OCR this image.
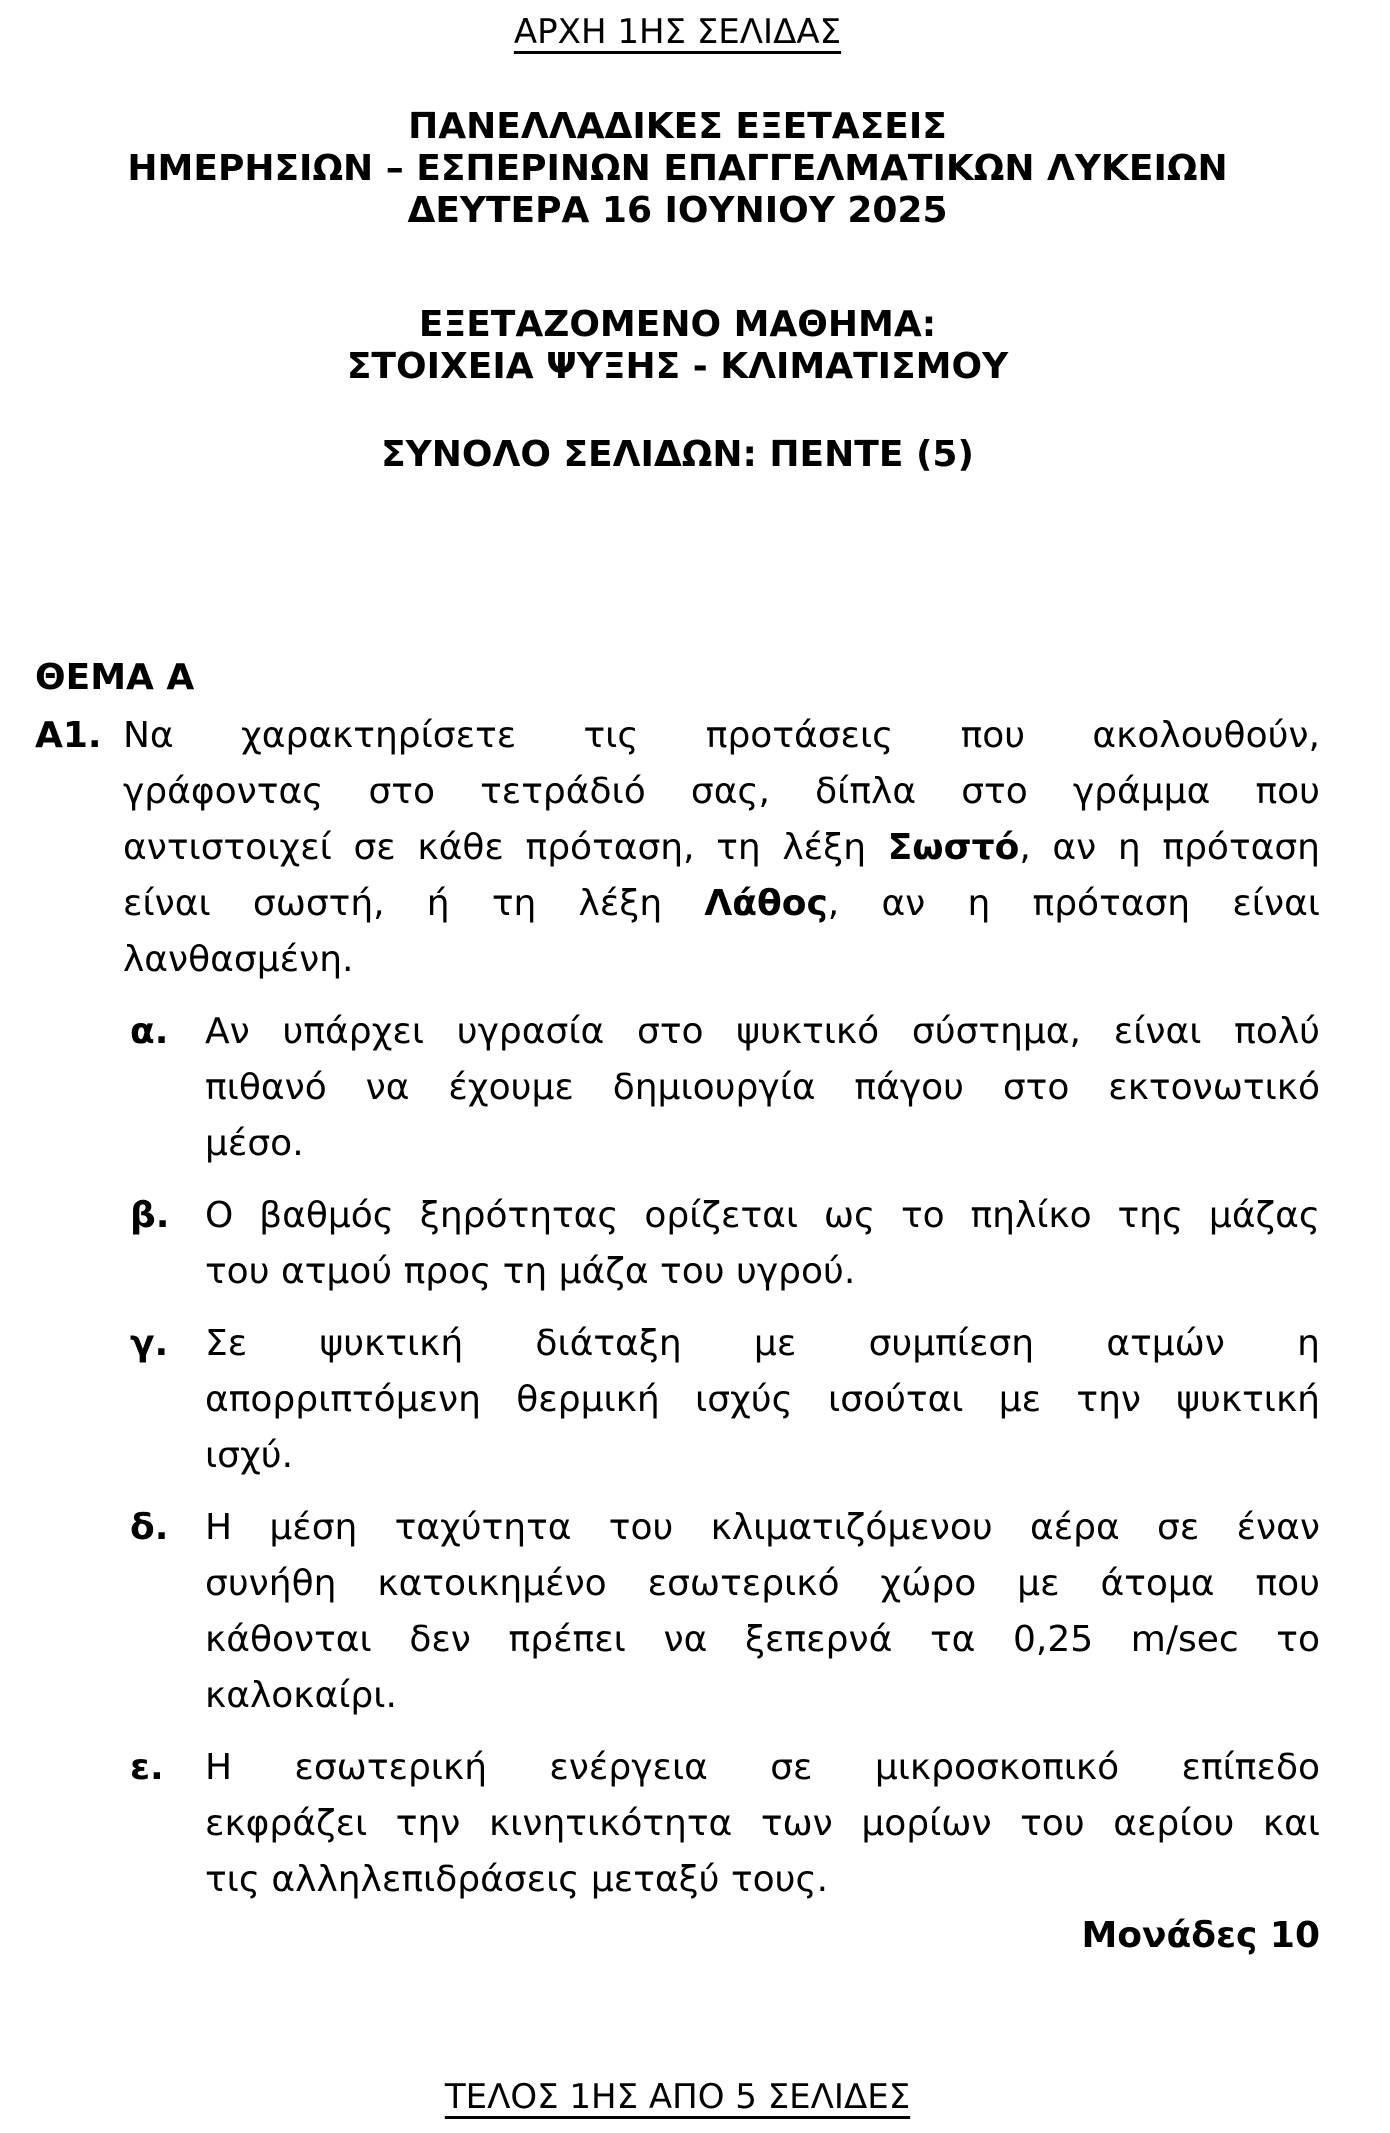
ΑΡΧΗ 1ΗΣ ΣΕΛΙΔΑΣ
ΠΑΝΕΛΛΑΔΙΚΕΣ ΕΞΕΤΑΣΕΙΣ
ΗΜΕΡΗΣΙΩΝ – ΕΣΠΕΡΙΝΩΝ ΕΠΑΓΓΕΛΜΑΤΙΚΩΝ ΛΥΚΕΙΩΝ
ΔΕΥΤΕΡΑ 16 ΙΟΥΝΙΟΥ 2025
ΕΞΕΤΑΖΟΜΕΝΟ ΜΑΘΗΜΑ:
ΣΤΟΙΧΕΙΑ ΨΥΞΗΣ - ΚΛΙΜΑΤΙΣΜΟΥ
ΣΥΝΟΛΟ ΣΕΛΙΔΩΝ: ΠΕΝΤΕ (5)
ΘΕΜΑ Α
Α1. Να χαρακτηρίσετε τις προτάσεις που ακολουθούν,
γράφοντας στο τετράδιό σας, δίπλα στο γράμμα που
αντιστοιχεί σε κάθε πρόταση, τη λέξη Σωστό, αν η πρόταση
είναι σωστή, ή τη λέξη Λάθος, αν η πρόταση είναι
λανθασμένη.
α. Αν υπάρχει υγρασία στο ψυκτικό σύστημα, είναι πολύ
πιθανό να έχουμε δημιουργία πάγου στο εκτονωτικό
μέσο.
β. Ο βαθμός ξηρότητας ορίζεται ως το πηλίκο της μάζας
του ατμού προς τη μάζα του υγρού.
γ. Σε ψυκτική διάταξη με συμπίεση ατμών η
απορριπτόμενη θερμική ισχύς ισούται με την ψυκτική
ισχύ.
δ. Η μέση ταχύτητα του κλιματιζόμενου αέρα σε έναν
συνήθη κατοικημένο εσωτερικό χώρο με άτομα που
κάθονται δεν πρέπει να ξεπερνά τα 0,25 m/sec το
καλοκαίρι.
ε. Η εσωτερική ενέργεια σε μικροσκοπικό επίπεδο
εκφράζει την κινητικότητα των μορίων του αερίου και
τις αλληλεπιδράσεις μεταξύ τους.
Μονάδες 10
ΤΕΛΟΣ 1ΗΣ ΑΠΟ 5 ΣΕΛΙΔΕΣ
